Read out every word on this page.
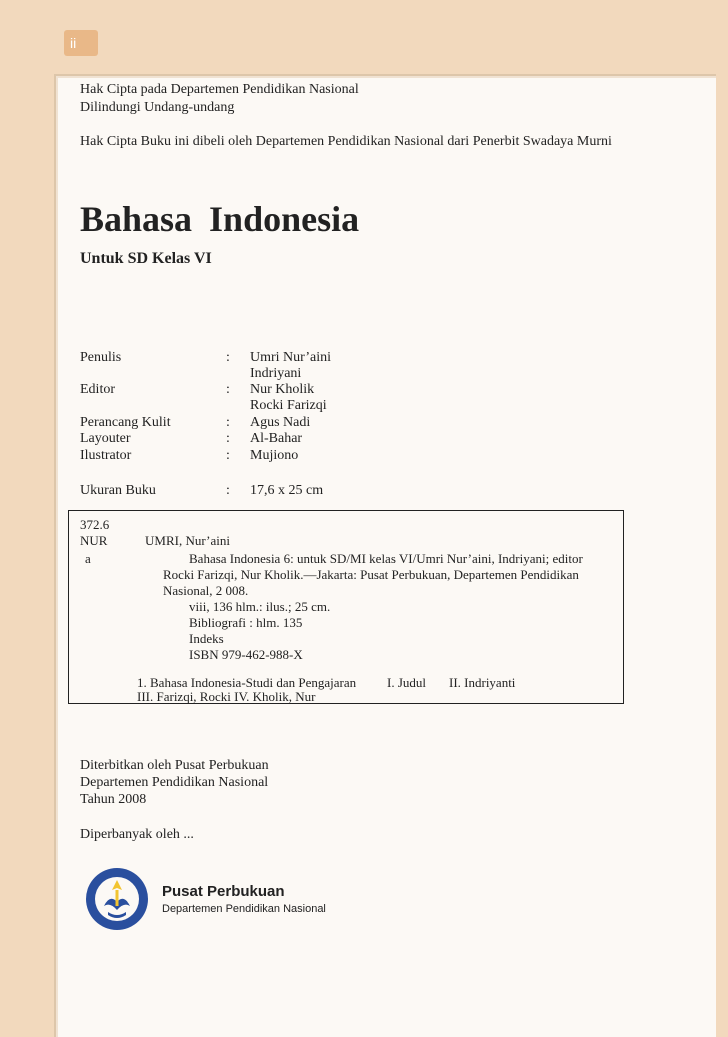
ii
Hak Cipta pada Departemen Pendidikan Nasional
Dilindungi Undang-undang
Hak Cipta Buku ini dibeli oleh Departemen Pendidikan Nasional dari Penerbit Swadaya Murni
Bahasa Indonesia
Untuk SD Kelas VI
Penulis	: Umri Nur’aini
Indriyani
Editor	: Nur Kholik
Rocki Farizqi
Perancang Kulit	: Agus Nadi
Layouter	: Al-Bahar
Ilustrator	: Mujiono
Ukuran Buku	: 17,6 x 25 cm
372.6
NUR	UMRI, Nur’aini
a	Bahasa Indonesia 6: untuk SD/MI kelas VI/Umri Nur’aini, Indriyani; editor
Rocki Farizqi, Nur Kholik.—Jakarta: Pusat Perbukuan, Departemen Pendidikan
Nasional, 2 008.
viii, 136 hlm.: ilus.; 25 cm.
Bibliografi : hlm. 135
Indeks
ISBN 979-462-988-X
1. Bahasa Indonesia-Studi dan Pengajaran I. Judul II. Indriyanti
III. Farizqi, Rocki IV. Kholik, Nur
Diterbitkan oleh Pusat Perbukuan
Departemen Pendidikan Nasional
Tahun 2008
Diperbanyak oleh ...
Pusat Perbukuan
Departemen Pendidikan Nasional
